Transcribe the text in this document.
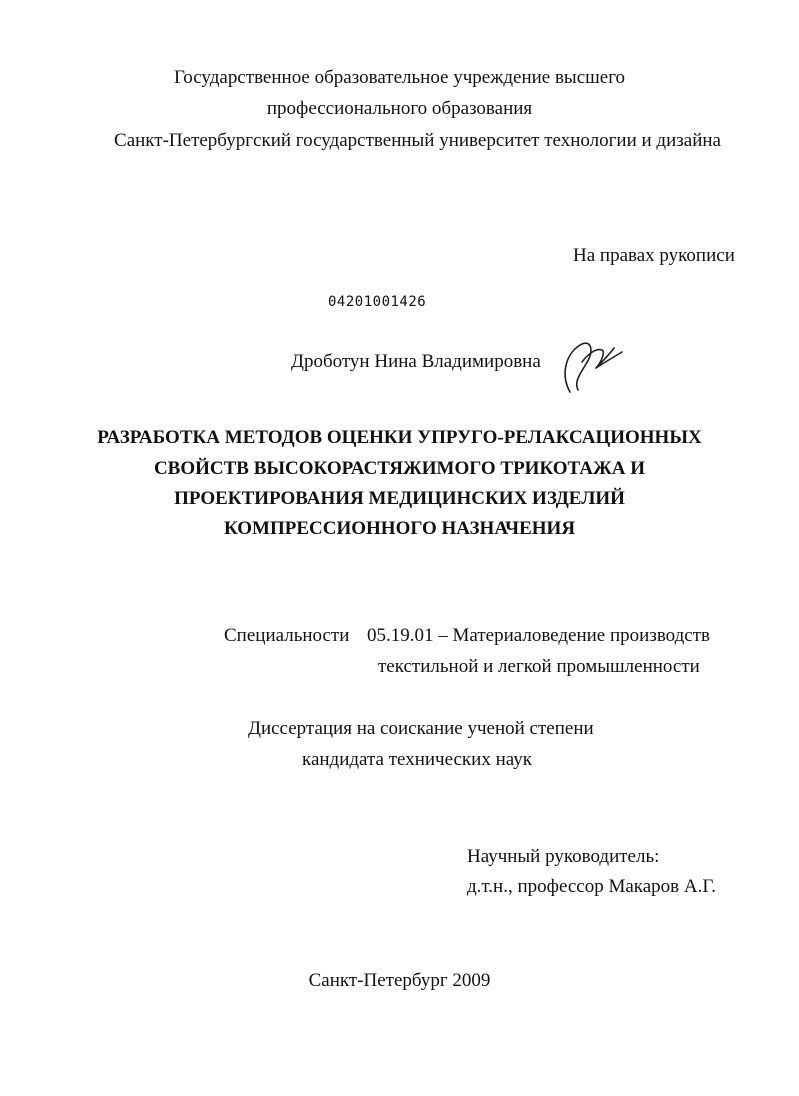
Государственное образовательное учреждение высшего
профессионального образования
Санкт-Петербургский государственный университет технологии и дизайна
На правах рукописи
04201001426
Дроботун Нина Владимировна
РАЗРАБОТКА МЕТОДОВ ОЦЕНКИ УПРУГО-РЕЛАКСАЦИОННЫХ
СВОЙСТВ ВЫСОКОРАСТЯЖИМОГО ТРИКОТАЖА И
ПРОЕКТИРОВАНИЯ МЕДИЦИНСКИХ ИЗДЕЛИЙ
КОМПРЕССИОННОГО НАЗНАЧЕНИЯ
Специальности 05.19.01 – Материаловедение производств
текстильной и легкой промышленности
Диссертация на соискание ученой степени
кандидата технических наук
Научный руководитель:
д.т.н., профессор Макаров А.Г.
Санкт-Петербург 2009
